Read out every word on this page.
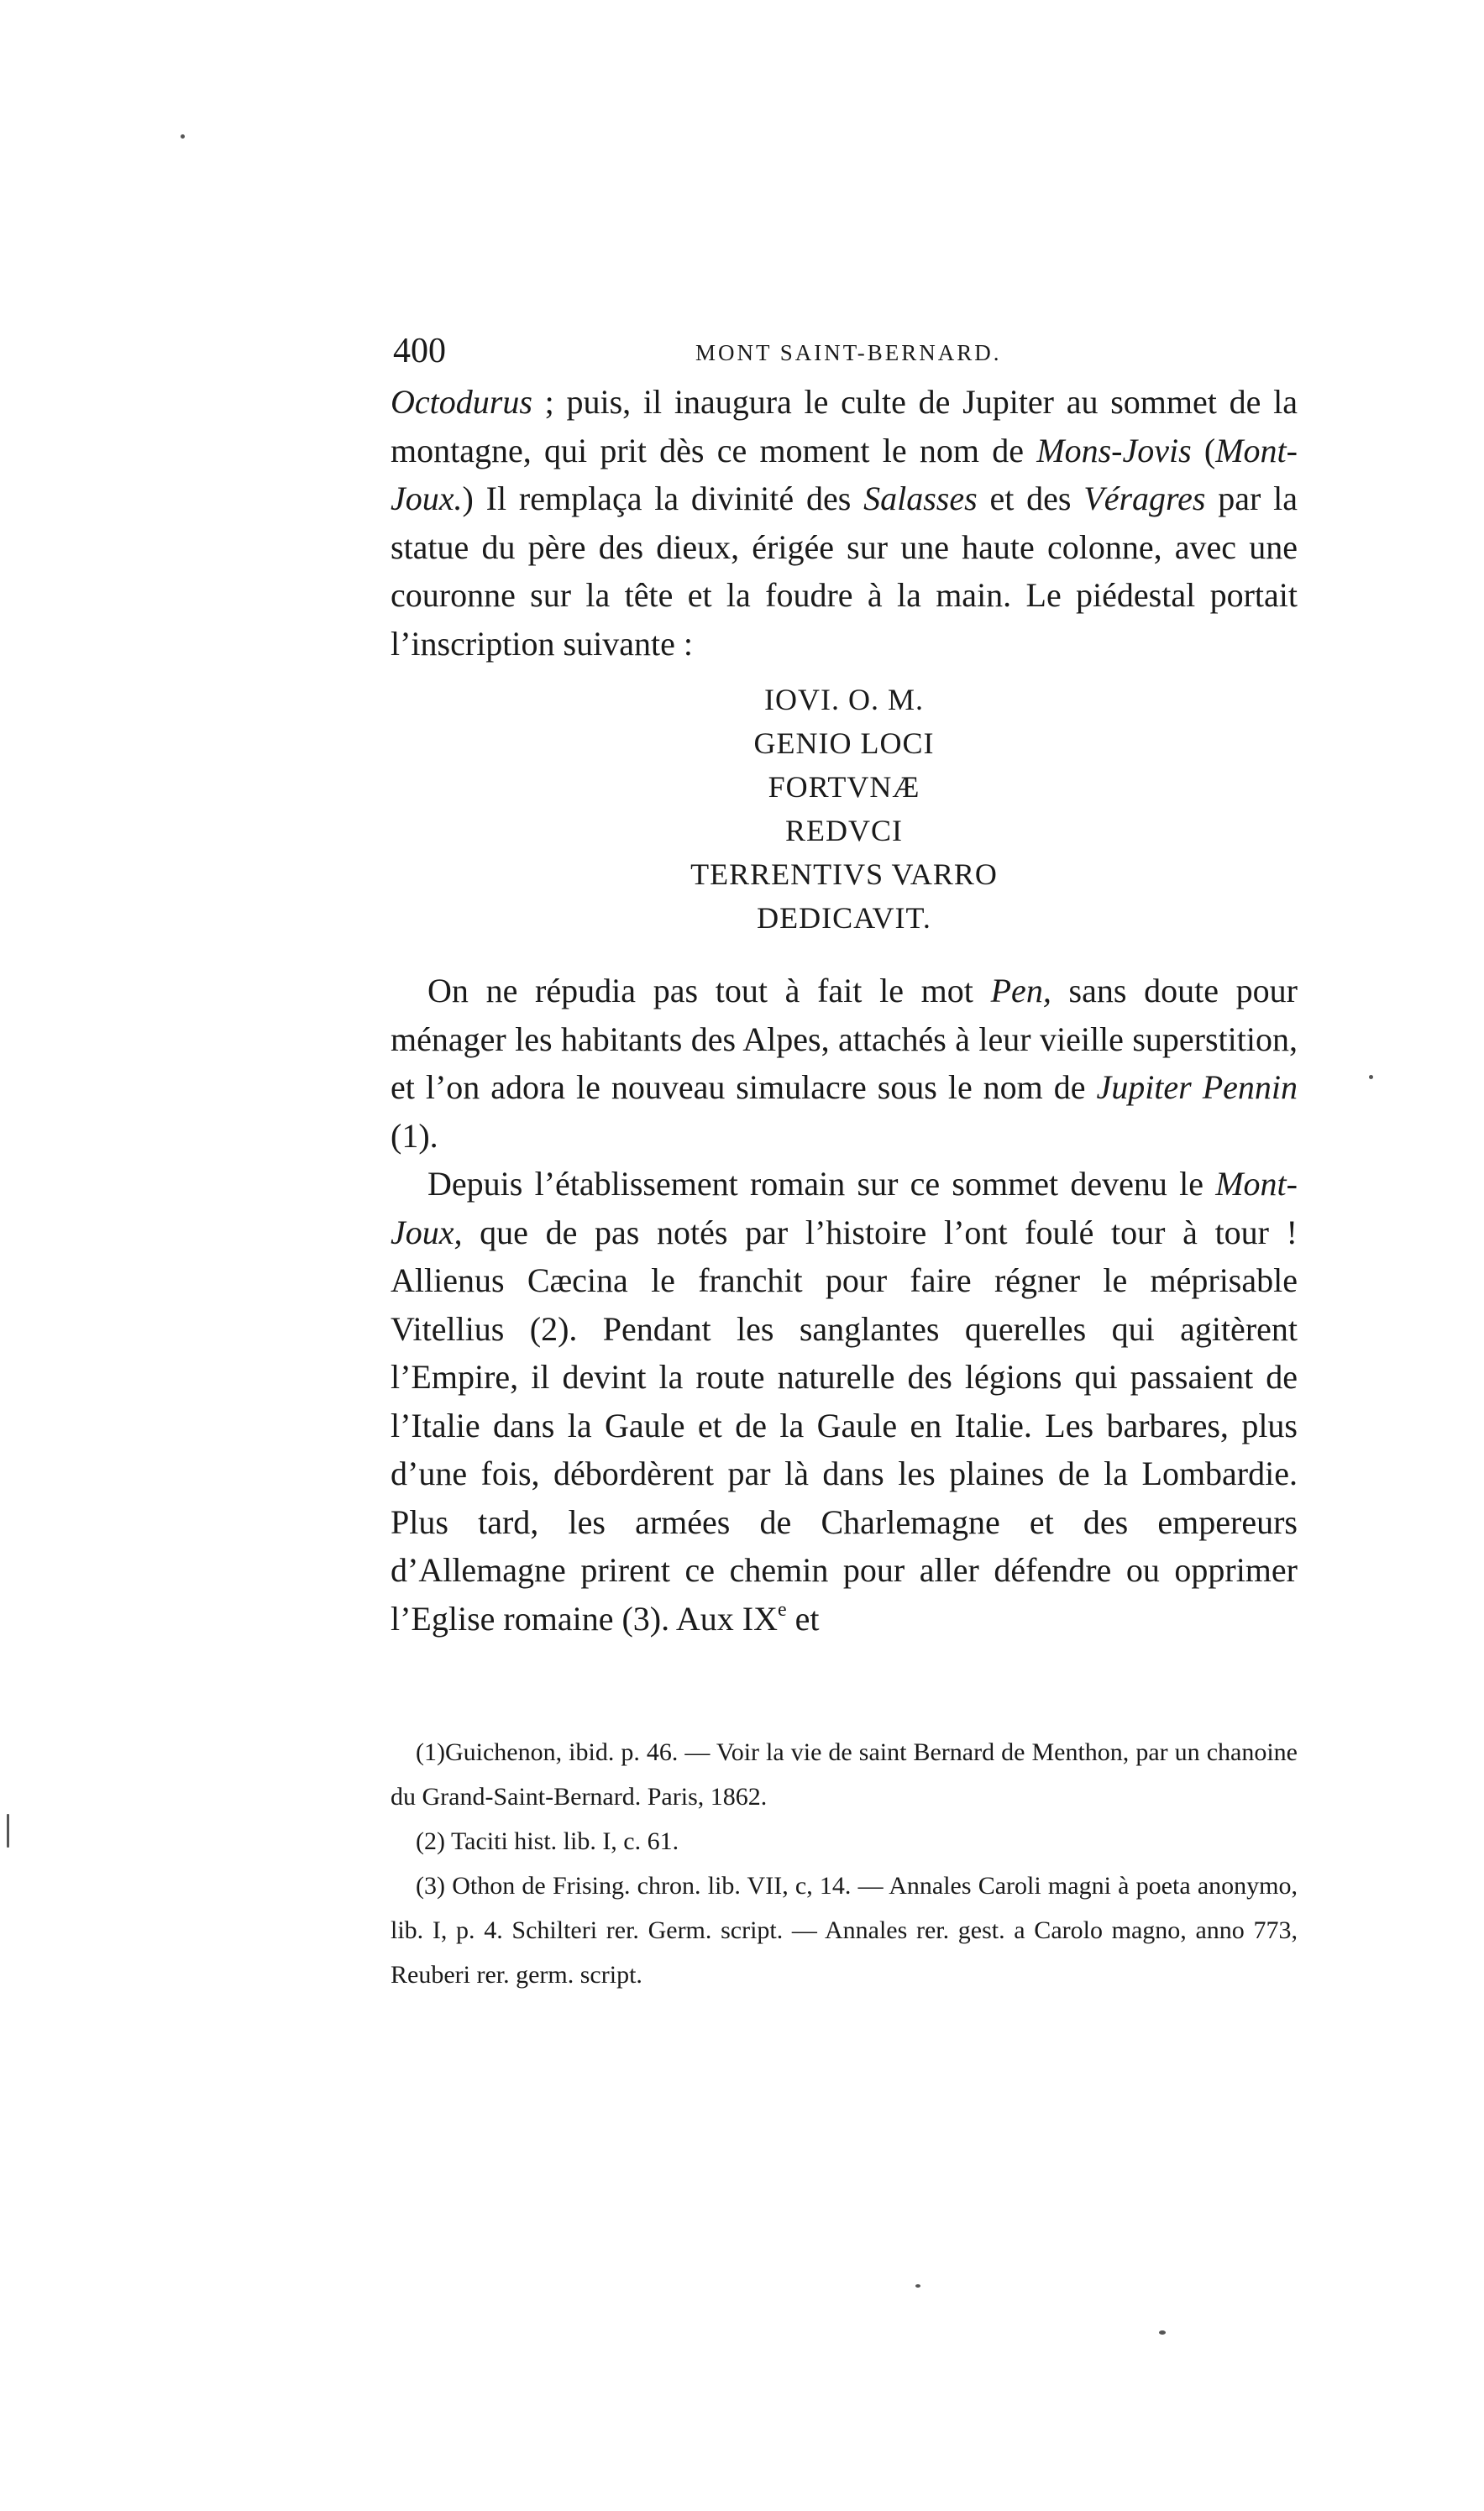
400	MONT SAINT-BERNARD.

Octodurus ; puis, il inaugura le culte de Jupiter au sommet de la montagne, qui prit dès ce moment le nom de Mons-Jovis (Mont-Joux.) Il remplaça la divinité des Salasses et des Véragres par la statue du père des dieux, érigée sur une haute colonne, avec une couronne sur la tête et la foudre à la main. Le piédestal portait l’inscription suivante :

IOVI. O. M.
GENIO LOCI
FORTVNÆ
REDVCI
TERRENTIVS VARRO
DEDICAVIT.

On ne répudia pas tout à fait le mot Pen, sans doute pour ménager les habitants des Alpes, attachés à leur vieille superstition, et l’on adora le nouveau simulacre sous le nom de Jupiter Pennin (1).

Depuis l’établissement romain sur ce sommet devenu le Mont-Joux, que de pas notés par l’histoire l’ont foulé tour à tour ! Allienus Cæcina le franchit pour faire régner le méprisable Vitellius (2). Pendant les sanglantes querelles qui agitèrent l’Empire, il devint la route naturelle des légions qui passaient de l’Italie dans la Gaule et de la Gaule en Italie. Les barbares, plus d’une fois, débordèrent par là dans les plaines de la Lombardie. Plus tard, les armées de Charlemagne et des empereurs d’Allemagne prirent ce chemin pour aller défendre ou opprimer l’Eglise romaine (3). Aux IXe et

(1)Guichenon, ibid. p. 46. — Voir la vie de saint Bernard de Menthon, par un chanoine du Grand-Saint-Bernard. Paris, 1862.

(2) Taciti hist. lib. I, c. 61.

(3) Othon de Frising. chron. lib. VII, c, 14. — Annales Caroli magni à poeta anonymo, lib. I, p. 4. Schilteri rer. Germ. script. — Annales rer. gest. a Carolo magno, anno 773, Reuberi rer. germ. script.
